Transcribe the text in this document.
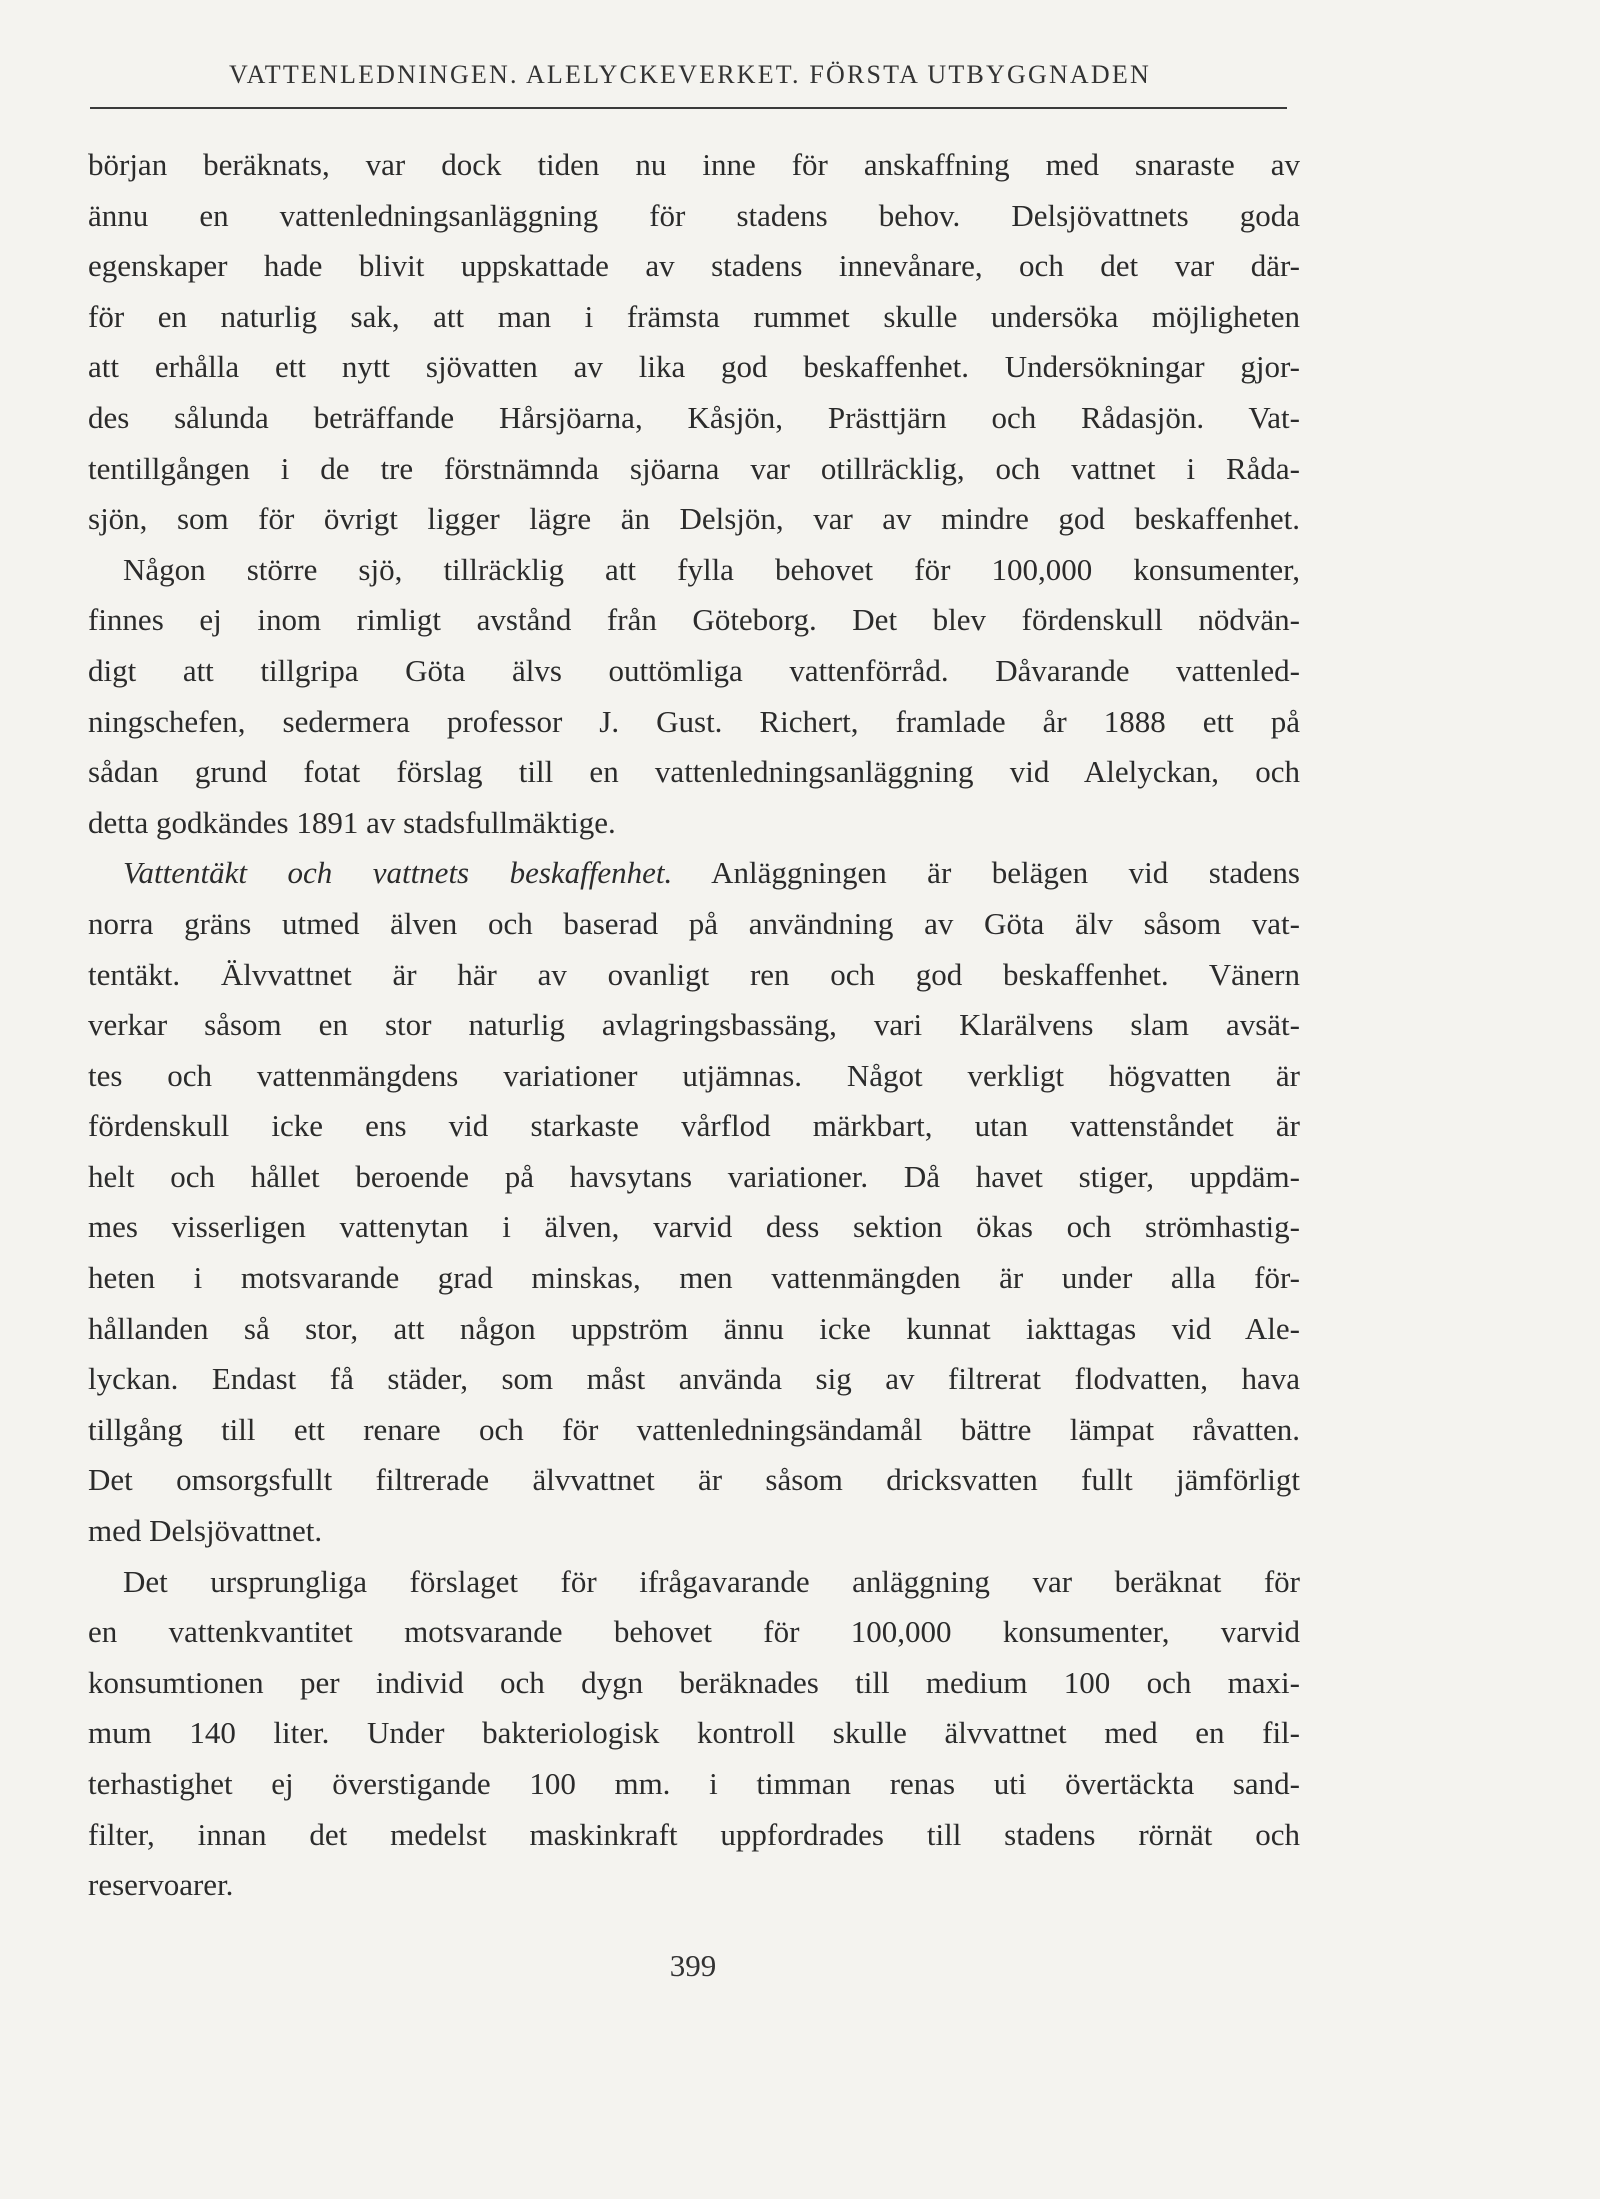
VATTENLEDNINGEN. ALELYCKEVERKET. FÖRSTA UTBYGGNADEN
början beräknats, var dock tiden nu inne för anskaffning med snaraste av
ännu en vattenledningsanläggning för stadens behov. Delsjövattnets goda
egenskaper hade blivit uppskattade av stadens innevånare, och det var där-
för en naturlig sak, att man i främsta rummet skulle undersöka möjligheten
att erhålla ett nytt sjövatten av lika god beskaffenhet. Undersökningar gjor-
des sålunda beträffande Hårsjöarna, Kåsjön, Prästtjärn och Rådasjön. Vat-
tentillgången i de tre förstnämnda sjöarna var otillräcklig, och vattnet i Råda-
sjön, som för övrigt ligger lägre än Delsjön, var av mindre god beskaffenhet.
Någon större sjö, tillräcklig att fylla behovet för 100,000 konsumenter,
finnes ej inom rimligt avstånd från Göteborg. Det blev fördenskull nödvän-
digt att tillgripa Göta älvs outtömliga vattenförråd. Dåvarande vattenled-
ningschefen, sedermera professor J. Gust. Richert, framlade år 1888 ett på
sådan grund fotat förslag till en vattenledningsanläggning vid Alelyckan, och
detta godkändes 1891 av stadsfullmäktige.
Vattentäkt och vattnets beskaffenhet. Anläggningen är belägen vid stadens
norra gräns utmed älven och baserad på användning av Göta älv såsom vat-
tentäkt. Älvvattnet är här av ovanligt ren och god beskaffenhet. Vänern
verkar såsom en stor naturlig avlagringsbassäng, vari Klarälvens slam avsät-
tes och vattenmängdens variationer utjämnas. Något verkligt högvatten är
fördenskull icke ens vid starkaste vårflod märkbart, utan vattenståndet är
helt och hållet beroende på havsytans variationer. Då havet stiger, uppdäm-
mes visserligen vattenytan i älven, varvid dess sektion ökas och strömhastig-
heten i motsvarande grad minskas, men vattenmängden är under alla för-
hållanden så stor, att någon uppström ännu icke kunnat iakttagas vid Ale-
lyckan. Endast få städer, som måst använda sig av filtrerat flodvatten, hava
tillgång till ett renare och för vattenledningsändamål bättre lämpat råvatten.
Det omsorgsfullt filtrerade älvvattnet är såsom dricksvatten fullt jämförligt
med Delsjövattnet.
Det ursprungliga förslaget för ifrågavarande anläggning var beräknat för
en vattenkvantitet motsvarande behovet för 100,000 konsumenter, varvid
konsumtionen per individ och dygn beräknades till medium 100 och maxi-
mum 140 liter. Under bakteriologisk kontroll skulle älvvattnet med en fil-
terhastighet ej överstigande 100 mm. i timman renas uti övertäckta sand-
filter, innan det medelst maskinkraft uppfordrades till stadens rörnät och
reservoarer.
399
